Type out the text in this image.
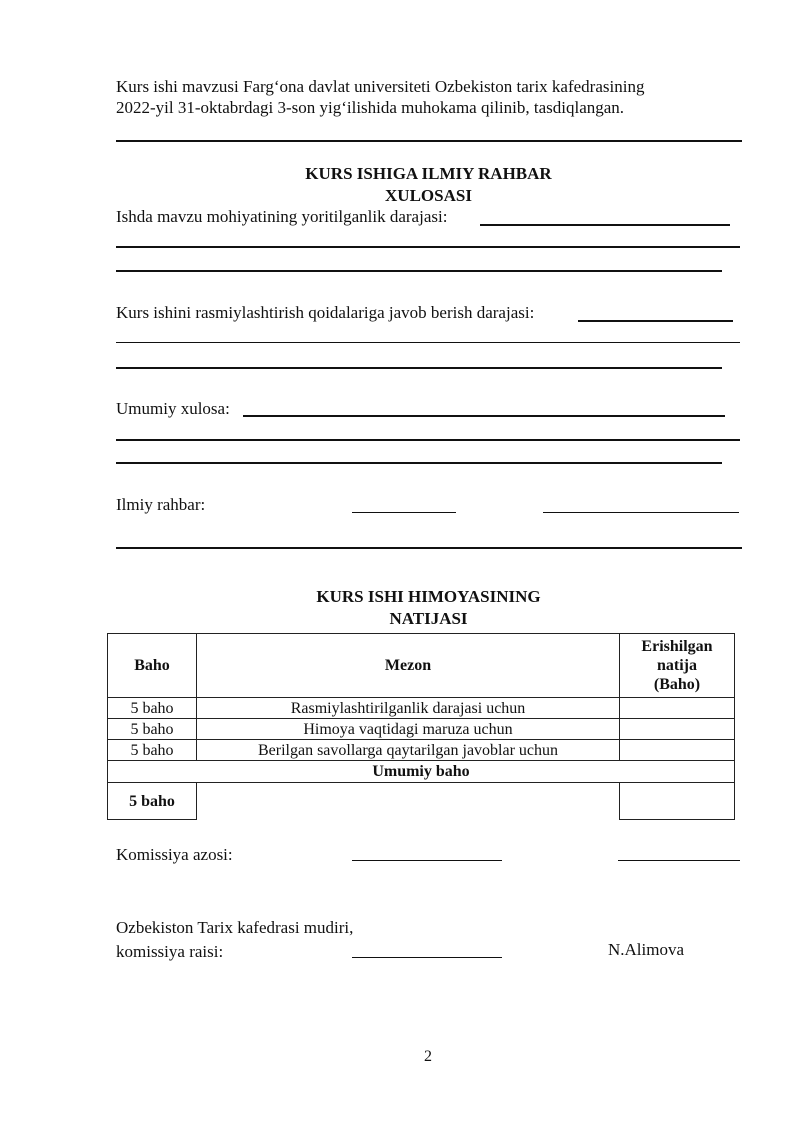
Kurs ishi mavzusi Farg‘ona davlat universiteti Ozbekiston tarix kafedrasining
2022-yil 31-oktabrdagi 3-son yig‘ilishida muhokama qilinib, tasdiqlangan.
KURS ISHIGA ILMIY RAHBAR
XULOSASI
Ishda mavzu mohiyatining yoritilganlik darajasi:
Kurs ishini rasmiylashtirish qoidalariga javob berish darajasi:
Umumiy xulosa:
Ilmiy rahbar:
KURS ISHI HIMOYASINING
NATIJASI
Baho	Mezon	Erishilgan
natija
(Baho)

5 baho	Rasmiylashtirilganlik darajasi uchun	
5 baho	Himoya vaqtidagi maruza uchun	
5 baho	Berilgan savollarga qaytarilgan javoblar uchun	
Umumiy baho		
5 baho		
Komissiya azosi:
Ozbekiston Tarix kafedrasi mudiri,
komissiya raisi:	N.Alimova
2
